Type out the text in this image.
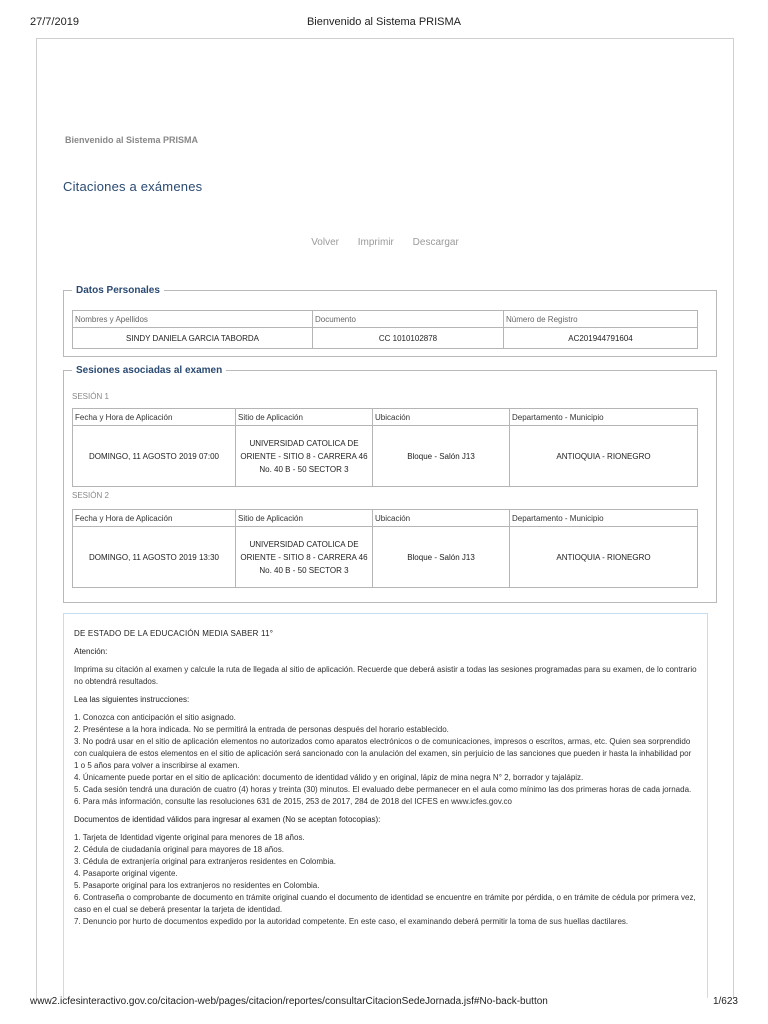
27/7/2019	Bienvenido al Sistema PRISMA
Bienvenido al Sistema PRISMA
Citaciones a exámenes
Volver Imprimir Descargar
Datos Personales
Nombres y Apellidos	Documento	Número de Registro
SINDY DANIELA GARCIA TABORDA	CC 1010102878	AC201944791604
Sesiones asociadas al examen
SESIÓN 1
Fecha y Hora de Aplicación	Sitio de Aplicación	Ubicación	Departamento - Municipio
DOMINGO, 11 AGOSTO 2019 07:00	UNIVERSIDAD CATOLICA DE ORIENTE - SITIO 8 - CARRERA 46 No. 40 B - 50 SECTOR 3	Bloque - Salón J13	ANTIOQUIA - RIONEGRO
SESIÓN 2
Fecha y Hora de Aplicación	Sitio de Aplicación	Ubicación	Departamento - Municipio
DOMINGO, 11 AGOSTO 2019 13:30	UNIVERSIDAD CATOLICA DE ORIENTE - SITIO 8 - CARRERA 46 No. 40 B - 50 SECTOR 3	Bloque - Salón J13	ANTIOQUIA - RIONEGRO
DE ESTADO DE LA EDUCACIÓN MEDIA SABER 11°
Atención:
Imprima su citación al examen y calcule la ruta de llegada al sitio de aplicación. Recuerde que deberá asistir a todas las sesiones programadas para su examen, de lo contrario no obtendrá resultados.
Lea las siguientes instrucciones:
1. Conozca con anticipación el sitio asignado.
2. Preséntese a la hora indicada. No se permitirá la entrada de personas después del horario establecido.
3. No podrá usar en el sitio de aplicación elementos no autorizados como aparatos electrónicos o de comunicaciones, impresos o escritos, armas, etc. Quien sea sorprendido con cualquiera de estos elementos en el sitio de aplicación será sancionado con la anulación del examen, sin perjuicio de las sanciones que pueden ir hasta la inhabilidad por 1 o 5 años para volver a inscribirse al examen.
4. Únicamente puede portar en el sitio de aplicación: documento de identidad válido y en original, lápiz de mina negra N° 2, borrador y tajalápiz.
5. Cada sesión tendrá una duración de cuatro (4) horas y treinta (30) minutos. El evaluado debe permanecer en el aula como mínimo las dos primeras horas de cada jornada.
6. Para más información, consulte las resoluciones 631 de 2015, 253 de 2017, 284 de 2018 del ICFES en www.icfes.gov.co
Documentos de identidad válidos para ingresar al examen (No se aceptan fotocopias):
1. Tarjeta de Identidad vigente original para menores de 18 años.
2. Cédula de ciudadanía original para mayores de 18 años.
3. Cédula de extranjería original para extranjeros residentes en Colombia.
4. Pasaporte original vigente.
5. Pasaporte original para los extranjeros no residentes en Colombia.
6. Contraseña o comprobante de documento en trámite original cuando el documento de identidad se encuentre en trámite por pérdida, o en trámite de cédula por primera vez, caso en el cual se deberá presentar la tarjeta de identidad.
7. Denuncio por hurto de documentos expedido por la autoridad competente. En este caso, el examinando deberá permitir la toma de sus huellas dactilares.
www2.icfesinteractivo.gov.co/citacion-web/pages/citacion/reportes/consultarCitacionSedeJornada.jsf#No-back-button	1/623
